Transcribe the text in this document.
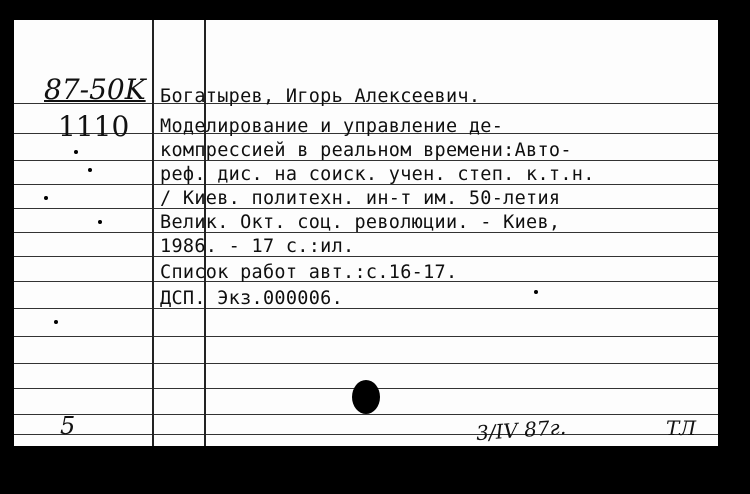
87-50K
1110
5	3/IV 87г.	ТЛ
Богатырев, Игорь Алексеевич.
Моделирование и управление де-
компрессией в реальном времени:Авто-
реф. дис. на соиск. учен. степ. к.т.н.
/ Киев. политехн. ин-т им. 50-летия
Велик. Окт. соц. революции. - Киев,
1986. - 17 с.:ил.
Список работ авт.:с.16-17.
ДСП. Экз.000006.
